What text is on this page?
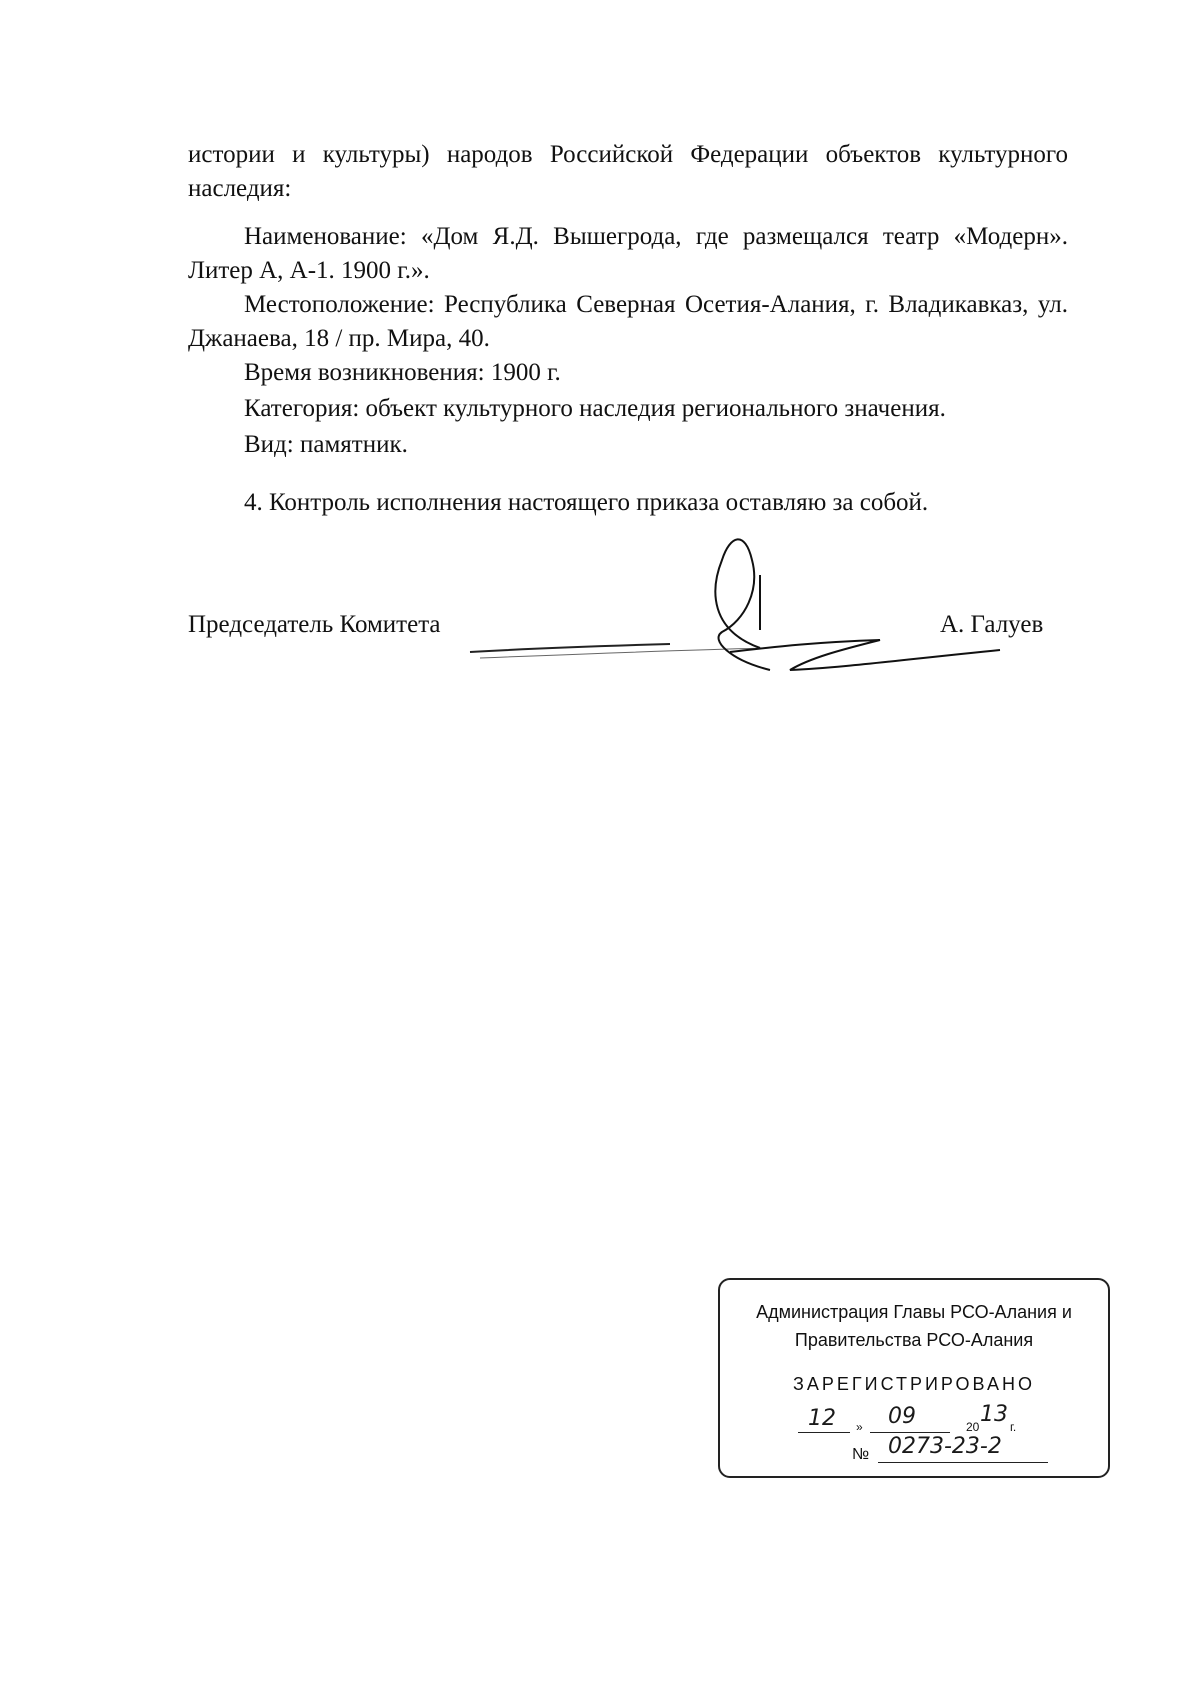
истории и культуры) народов Российской Федерации объектов культурного наследия:

Наименование: «Дом Я.Д. Вышегрода, где размещался театр «Модерн». Литер А, А-1. 1900 г.».

Местоположение: Республика Северная Осетия-Алания, г. Владикавказ, ул. Джанаева, 18 / пр. Мира, 40.

Время возникновения: 1900 г.
Категория: объект культурного наследия регионального значения.
Вид: памятник.
4. Контроль исполнения настоящего приказа оставляю за собой.
Председатель Комитета	А. Галуев
Администрация Главы РСО-Алания и
Правительства РСО-Алания
ЗАРЕГИСТРИРОВАНО
12 » 09	20 13 г.
№ 0273-23-2
